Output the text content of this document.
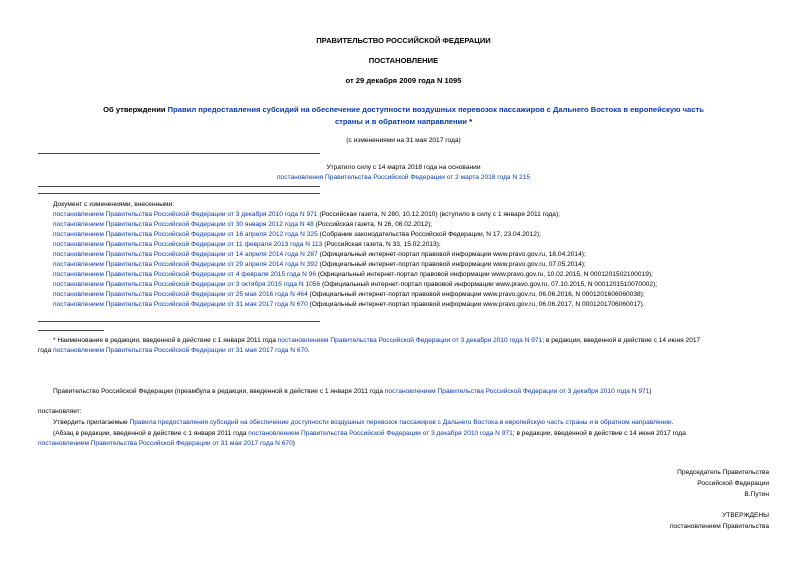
ПРАВИТЕЛЬСТВО РОССИЙСКОЙ ФЕДЕРАЦИИ
ПОСТАНОВЛЕНИЕ
от 29 декабря 2009 года N 1095
Об утверждении Правил предоставления субсидий на обеспечение доступности воздушных перевозок пассажиров с Дальнего Востока в европейскую часть
страны и в обратном направлении *
(с изменениями на 31 мая 2017 года)
Утратило силу с 14 марта 2018 года на основании
постановления Правительства Российской Федерации от 2 марта 2018 года N 215
Документ с изменениями, внесенными:
постановлением Правительства Российской Федерации от 3 декабря 2010 года N 971 (Российская газета, N 280, 10.12.2010) (вступило в силу с 1 января 2011 года);
постановлением Правительства Российской Федерации от 30 января 2012 года N 48 (Российская газета, N 26, 08.02.2012);
постановлением Правительства Российской Федерации от 16 апреля 2012 года N 325 (Собрание законодательства Российской Федерации, N 17, 23.04.2012);
постановлением Правительства Российской Федерации от 11 февраля 2013 года N 113 (Российская газета, N 33, 15.02.2013);
постановлением Правительства Российской Федерации от 14 апреля 2014 года N 287 (Официальный интернет-портал правовой информации www.pravo.gov.ru, 18.04.2014);
постановлением Правительства Российской Федерации от 29 апреля 2014 года N 392 (Официальный интернет-портал правовой информации www.pravo.gov.ru, 07.05.2014);
постановлением Правительства Российской Федерации от 4 февраля 2015 года N 96 (Официальный интернет-портал правовой информации www.pravo.gov.ru, 10.02.2015, N 0001201502100019);
постановлением Правительства Российской Федерации от 3 октября 2015 года N 1056 (Официальный интернет-портал правовой информации www.pravo.gov.ru, 07.10.2015, N 0001201510070002);
постановлением Правительства Российской Федерации от 25 мая 2016 года N 464 (Официальный интернет-портал правовой информации www.pravo.gov.ru, 06.06.2016, N 0001201606060038);
постановлением Правительства Российской Федерации от 31 мая 2017 года N 670 (Официальный интернет-портал правовой информации www.pravo.gov.ru, 06.06.2017, N 0001201706060017).
* Наименование в редакции, введенной в действие с 1 января 2011 года постановлением Правительства Российской Федерации от 3 декабря 2010 года N 971; в редакции, введенной в действие с 14 июня 2017
года постановлением Правительства Российской Федерации от 31 мая 2017 года N 670.
Правительство Российской Федерации (преамбула в редакции, введенной в действие с 1 января 2011 года постановлением Правительства Российской Федерации от 3 декабря 2010 года N 971)
постановляет:
Утвердить прилагаемые Правила предоставления субсидий на обеспечение доступности воздушных перевозок пассажиров с Дальнего Востока в европейскую часть страны и в обратном направлении.
(Абзац в редакции, введенной в действие с 1 января 2011 года постановлением Правительства Российской Федерации от 3 декабря 2010 года N 971; в редакции, введенной в действие с 14 июня 2017 года
постановлением Правительства Российской Федерации от 31 мая 2017 года N 670)
Председатель Правительства
Российской Федерации
В.Путин
УТВЕРЖДЕНЫ
постановлением Правительства
